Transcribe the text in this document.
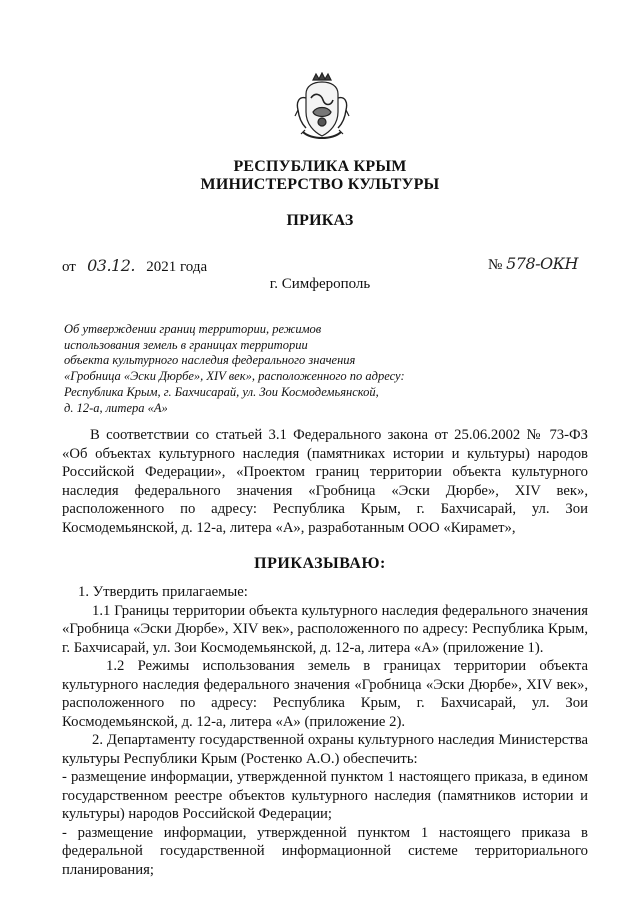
РЕСПУБЛИКА КРЫМ
МИНИСТЕРСТВО КУЛЬТУРЫ
ПРИКАЗ
от 03.12. 2021 года	№ 578-ОКН
г. Симферополь
Об утверждении границ территории, режимов
использования земель в границах территории
объекта культурного наследия федерального значения
«Гробница «Эски Дюрбе», XIV век», расположенного по адресу:
Республика Крым, г. Бахчисарай, ул. Зои Космодемьянской,
д. 12-а, литера «А»
В соответствии со статьей 3.1 Федерального закона от 25.06.2002 № 73-ФЗ «Об объектах культурного наследия (памятниках истории и культуры) народов Российской Федерации», «Проектом границ территории объекта культурного наследия федерального значения «Гробница «Эски Дюрбе», XIV век», расположенного по адресу: Республика Крым, г. Бахчисарай, ул. Зои Космодемьянской, д. 12-а, литера «А», разработанным ООО «Кирамет»,
ПРИКАЗЫВАЮ:

1. Утвердить прилагаемые:

1.1 Границы территории объекта культурного наследия федерального значения «Гробница «Эски Дюрбе», XIV век», расположенного по адресу: Республика Крым, г. Бахчисарай, ул. Зои Космодемьянской, д. 12-а, литера «А» (приложение 1).

1.2 Режимы использования земель в границах территории объекта культурного наследия федерального значения «Гробница «Эски Дюрбе», XIV век», расположенного по адресу: Республика Крым, г. Бахчисарай, ул. Зои Космодемьянской, д. 12-а, литера «А» (приложение 2).

2. Департаменту государственной охраны культурного наследия Министерства культуры Республики Крым (Ростенко А.О.) обеспечить:

- размещение информации, утвержденной пунктом 1 настоящего приказа, в едином государственном реестре объектов культурного наследия (памятников истории и культуры) народов Российской Федерации;

- размещение информации, утвержденной пунктом 1 настоящего приказа в федеральной государственной информационной системе территориального планирования;
